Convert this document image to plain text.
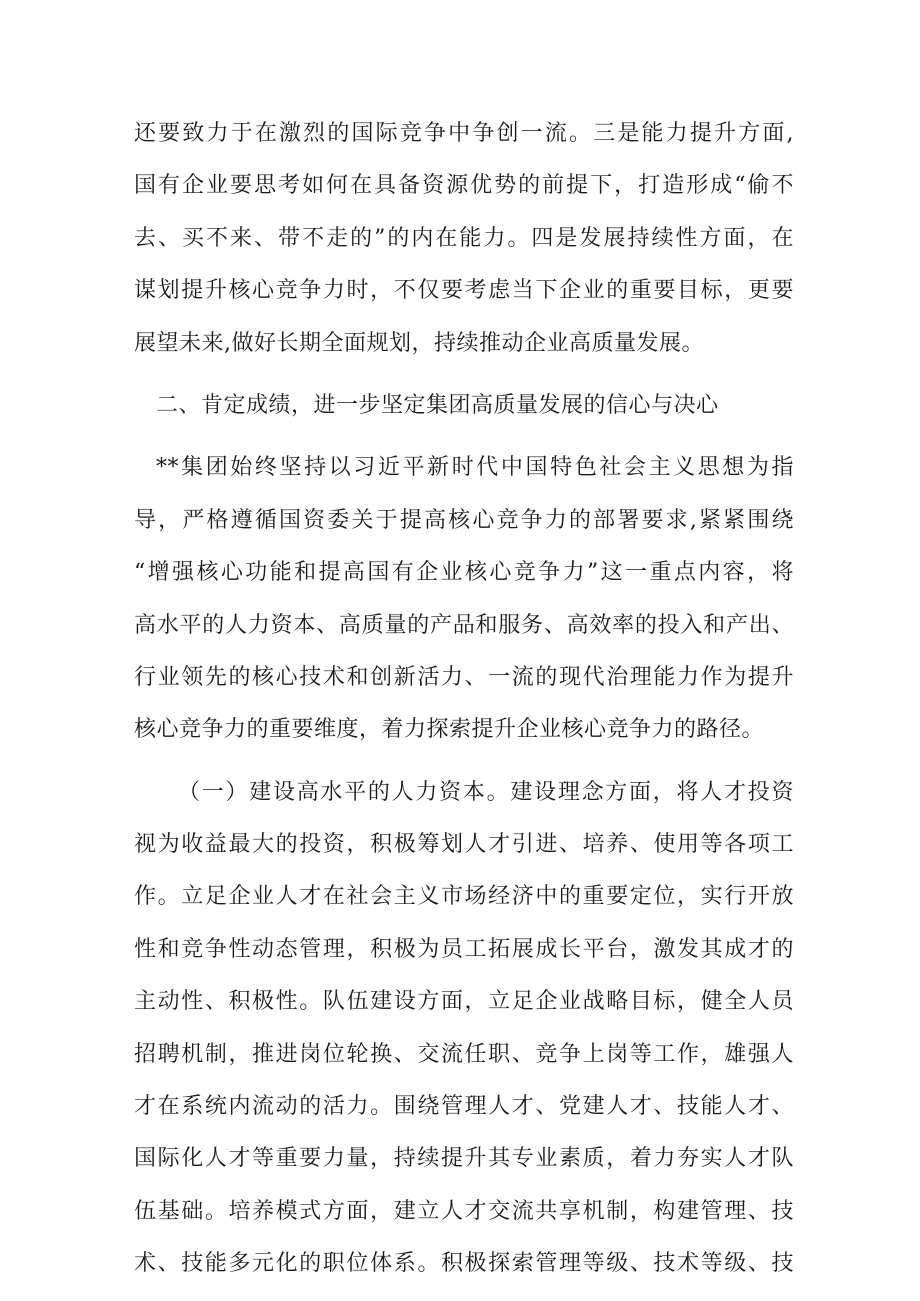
还要致力于在激烈的国际竞争中争创一流。三是能力提升方面,
国有企业要思考如何在具备资源优势的前提下，打造形成“偷不
去、买不来、带不走的”的内在能力。四是发展持续性方面，在
谋划提升核心竞争力时，不仅要考虑当下企业的重要目标，更要
展望未来,做好长期全面规划，持续推动企业高质量发展。
二、肯定成绩，进一步坚定集团高质量发展的信心与决心
**集团始终坚持以习近平新时代中国特色社会主义思想为指
导，严格遵循国资委关于提高核心竞争力的部署要求,紧紧围绕
“增强核心功能和提高国有企业核心竞争力”这一重点内容，将
高水平的人力资本、高质量的产品和服务、高效率的投入和产出、
行业领先的核心技术和创新活力、一流的现代治理能力作为提升
核心竞争力的重要维度，着力探索提升企业核心竞争力的路径。
（一）建设高水平的人力资本。建设理念方面，将人才投资
视为收益最大的投资，积极筹划人才引进、培养、使用等各项工
作。立足企业人才在社会主义市场经济中的重要定位，实行开放
性和竞争性动态管理，积极为员工拓展成长平台，激发其成才的
主动性、积极性。队伍建设方面，立足企业战略目标，健全人员
招聘机制，推进岗位轮换、交流任职、竞争上岗等工作，雄强人
才在系统内流动的活力。围绕管理人才、党建人才、技能人才、
国际化人才等重要力量，持续提升其专业素质，着力夯实人才队
伍基础。培养模式方面，建立人才交流共享机制，构建管理、技
术、技能多元化的职位体系。积极探索管理等级、技术等级、技
